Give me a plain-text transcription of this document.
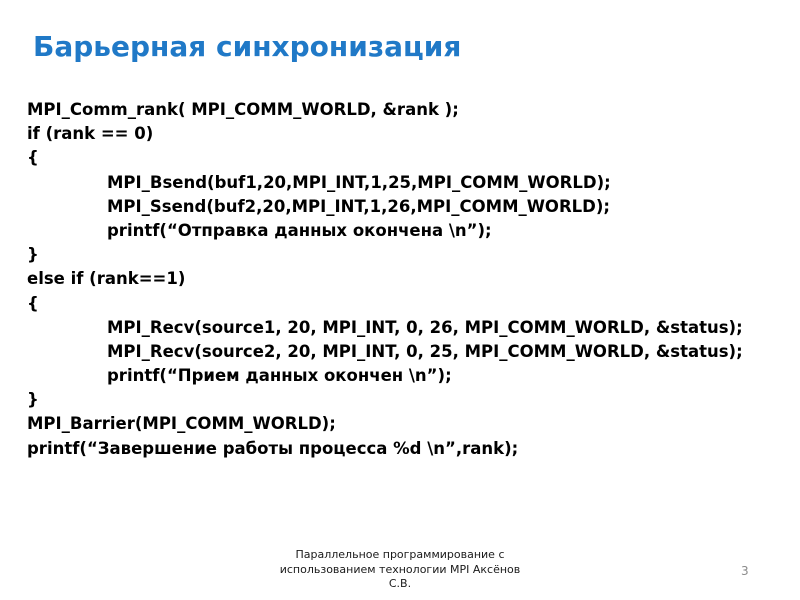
Барьерная синхронизация
MPI_Comm_rank( MPI_COMM_WORLD, &rank );
if (rank == 0)
{
MPI_Bsend(buf1,20,MPI_INT,1,25,MPI_COMM_WORLD);
MPI_Ssend(buf2,20,MPI_INT,1,26,MPI_COMM_WORLD);
printf(“Отправка данных окончена \n”);
}
else if (rank==1)
{
MPI_Recv(source1, 20, MPI_INT, 0, 26, MPI_COMM_WORLD, &status);
MPI_Recv(source2, 20, MPI_INT, 0, 25, MPI_COMM_WORLD, &status);
printf(“Прием данных окончен \n”);
}
MPI_Barrier(MPI_COMM_WORLD);
printf(“Завершение работы процесса %d \n”,rank);
Параллельное программирование с
использованием технологии MPI Аксёнов
С.В.
3
